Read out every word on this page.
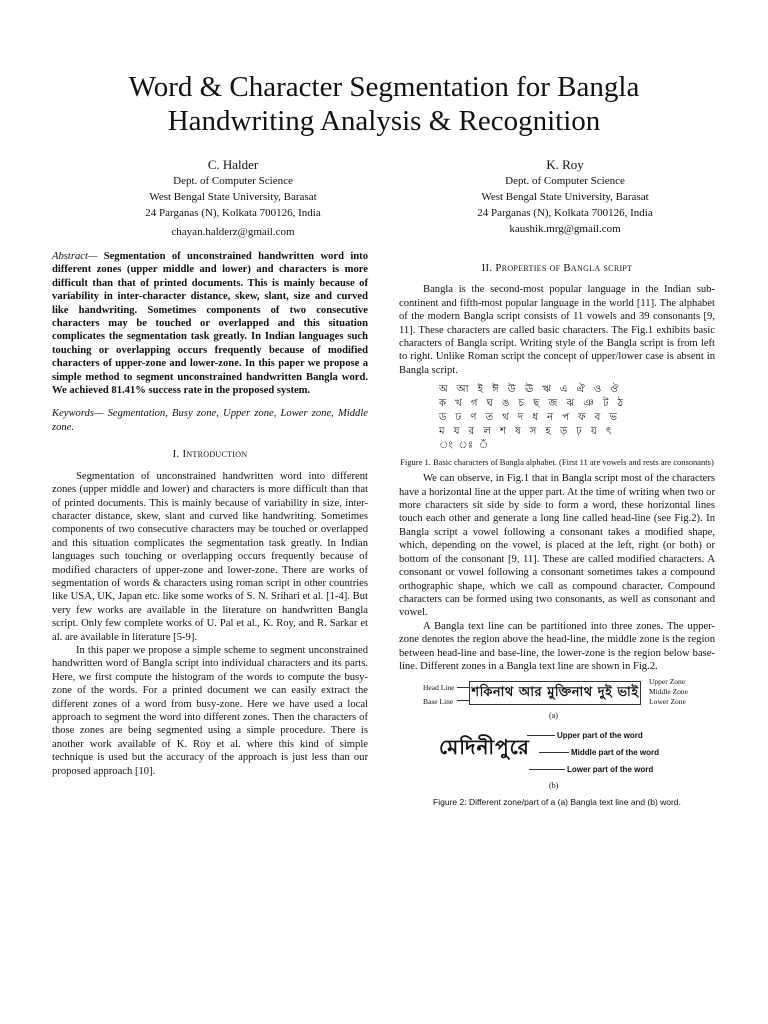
Word & Character Segmentation for Bangla
Handwriting Analysis & Recognition
C. Halder
Dept. of Computer Science
West Bengal State University, Barasat
24 Parganas (N), Kolkata 700126, India
chayan.halderz@gmail.com
K. Roy
Dept. of Computer Science
West Bengal State University, Barasat
24 Parganas (N), Kolkata 700126, India
kaushik.mrg@gmail.com
Abstract— Segmentation of unconstrained handwritten word into different zones (upper middle and lower) and characters is more difficult than that of printed documents. This is mainly because of variability in inter-character distance, skew, slant, size and curved like handwriting. Sometimes components of two consecutive characters may be touched or overlapped and this situation complicates the segmentation task greatly. In Indian languages such touching or overlapping occurs frequently because of modified characters of upper-zone and lower-zone. In this paper we propose a simple method to segment unconstrained handwritten Bangla word. We achieved 81.41% success rate in the proposed system.
Keywords— Segmentation, Busy zone, Upper zone, Lower zone, Middle zone.
I. Introduction

Segmentation of unconstrained handwritten word into different zones (upper middle and lower) and characters is more difficult than that of printed documents. This is mainly because of variability in size, inter-character distance, skew, slant and curved like handwriting. Sometimes components of two consecutive characters may be touched or overlapped and this situation complicates the segmentation task greatly. In Indian languages such touching or overlapping occurs frequently because of modified characters of upper-zone and lower-zone. There are works of segmentation of words & characters using roman script in other countries like USA, UK, Japan etc. like some works of S. N. Srihari et al. [1-4]. But very few works are available in the literature on handwritten Bangla script. Only few complete works of U. Pal et al., K. Roy, and R. Sarkar et al. are available in literature [5-9].

In this paper we propose a simple scheme to segment unconstrained handwritten word of Bangla script into individual characters and its parts. Here, we first compute the histogram of the words to compute the busy-zone of the words. For a printed document we can easily extract the different zones of a word from busy-zone. Here we have used a local approach to segment the word into different zones. Then the characters of those zones are being segmented using a simple procedure. There is another work available of K. Roy et al. where this kind of simple technique is used but the accuracy of the approach is just less than our proposed approach [10].

II. Properties of Bangla script

Bangla is the second-most popular language in the Indian sub-continent and fifth-most popular language in the world [11]. The alphabet of the modern Bangla script consists of 11 vowels and 39 consonants [9, 11]. These characters are called basic characters. The Fig.1 exhibits basic characters of Bangla script. Writing style of the Bangla script is from left to right. Unlike Roman script the concept of upper/lower case is absent in Bangla script.

অ আ ই ঈ উ ঊ ঋ এ ঐ ও ঔ
ক খ গ ঘ ঙ চ ছ জ ঝ ঞ ট ঠ
ড ঢ ণ ত থ দ ধ ন প ফ ব ভ
ম য র ল শ ষ স হ ড় ঢ় য় ৎ
ং ঃ ঁ
Figure 1. Basic characters of Bangla alphabet. (First 11 are vowels and rests are consonants)

We can observe, in Fig.1 that in Bangla script most of the characters have a horizontal line at the upper part. At the time of writing when two or more characters sit side by side to form a word, these horizontal lines touch each other and generate a long line called head-line (see Fig.2). In Bangla script a vowel following a consonant takes a modified shape, which, depending on the vowel, is placed at the left, right (or both) or bottom of the consonant [9, 11]. These are called modified characters. A consonant or vowel following a consonant sometimes takes a compound orthographic shape, which we call as compound character. Compound characters can be formed using two consonants, as well as consonant and vowel.

A Bangla text line can be partitioned into three zones. The upper-zone denotes the region above the head-line, the middle zone is the region between head-line and base-line, the lower-zone is the region below base-line. Different zones in a Bangla text line are shown in Fig.2.

Head Line
Base Line
শকিনাথ আর মুক্তিনাথ দুই ভাই
Upper Zone
Middle Zone
Lower Zone
(a)
মেদিনীপুরে	Upper part of the word
Middle part of the word
Lower part of the word
(b)
Figure 2: Different zone/part of a (a) Bangla text line and (b) word.
